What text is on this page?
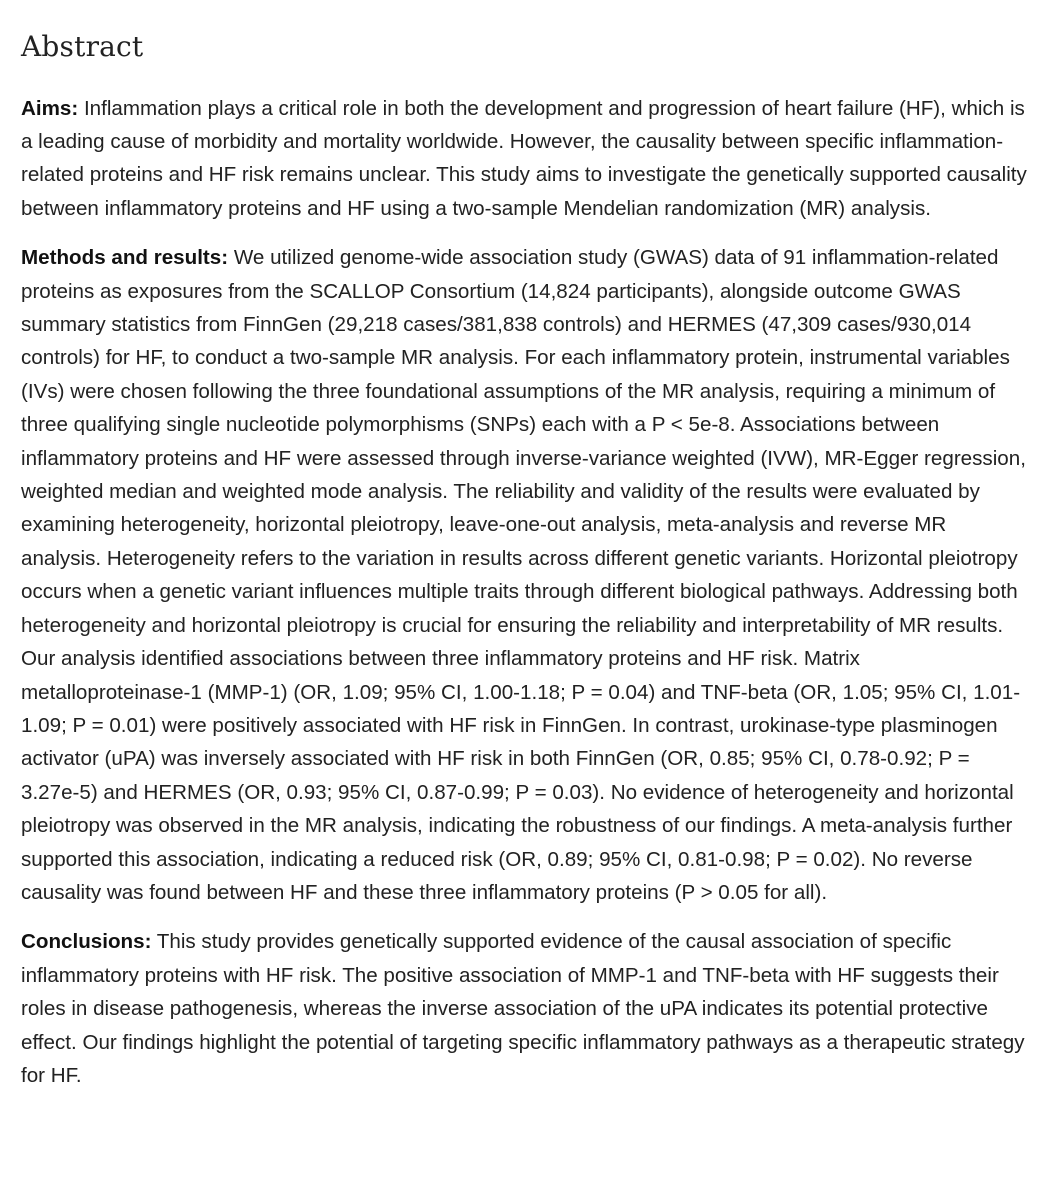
Abstract

Aims: Inflammation plays a critical role in both the development and progression of heart failure (HF), which is a leading cause of morbidity and mortality worldwide. However, the causality between specific inflammation-related proteins and HF risk remains unclear. This study aims to investigate the genetically supported causality between inflammatory proteins and HF using a two-sample Mendelian randomization (MR) analysis.

Methods and results: We utilized genome-wide association study (GWAS) data of 91 inflammation-related proteins as exposures from the SCALLOP Consortium (14,824 participants), alongside outcome GWAS summary statistics from FinnGen (29,218 cases/381,838 controls) and HERMES (47,309 cases/930,014 controls) for HF, to conduct a two-sample MR analysis. For each inflammatory protein, instrumental variables (IVs) were chosen following the three foundational assumptions of the MR analysis, requiring a minimum of three qualifying single nucleotide polymorphisms (SNPs) each with a P < 5e-8. Associations between inflammatory proteins and HF were assessed through inverse-variance weighted (IVW), MR-Egger regression, weighted median and weighted mode analysis. The reliability and validity of the results were evaluated by examining heterogeneity, horizontal pleiotropy, leave-one-out analysis, meta-analysis and reverse MR analysis. Heterogeneity refers to the variation in results across different genetic variants. Horizontal pleiotropy occurs when a genetic variant influences multiple traits through different biological pathways. Addressing both heterogeneity and horizontal pleiotropy is crucial for ensuring the reliability and interpretability of MR results. Our analysis identified associations between three inflammatory proteins and HF risk. Matrix metalloproteinase-1 (MMP-1) (OR, 1.09; 95% CI, 1.00-1.18; P = 0.04) and TNF-beta (OR, 1.05; 95% CI, 1.01-1.09; P = 0.01) were positively associated with HF risk in FinnGen. In contrast, urokinase-type plasminogen activator (uPA) was inversely associated with HF risk in both FinnGen (OR, 0.85; 95% CI, 0.78-0.92; P = 3.27e-5) and HERMES (OR, 0.93; 95% CI, 0.87-0.99; P = 0.03). No evidence of heterogeneity and horizontal pleiotropy was observed in the MR analysis, indicating the robustness of our findings. A meta-analysis further supported this association, indicating a reduced risk (OR, 0.89; 95% CI, 0.81-0.98; P = 0.02). No reverse causality was found between HF and these three inflammatory proteins (P > 0.05 for all).

Conclusions: This study provides genetically supported evidence of the causal association of specific inflammatory proteins with HF risk. The positive association of MMP-1 and TNF-beta with HF suggests their roles in disease pathogenesis, whereas the inverse association of the uPA indicates its potential protective effect. Our findings highlight the potential of targeting specific inflammatory pathways as a therapeutic strategy for HF.
